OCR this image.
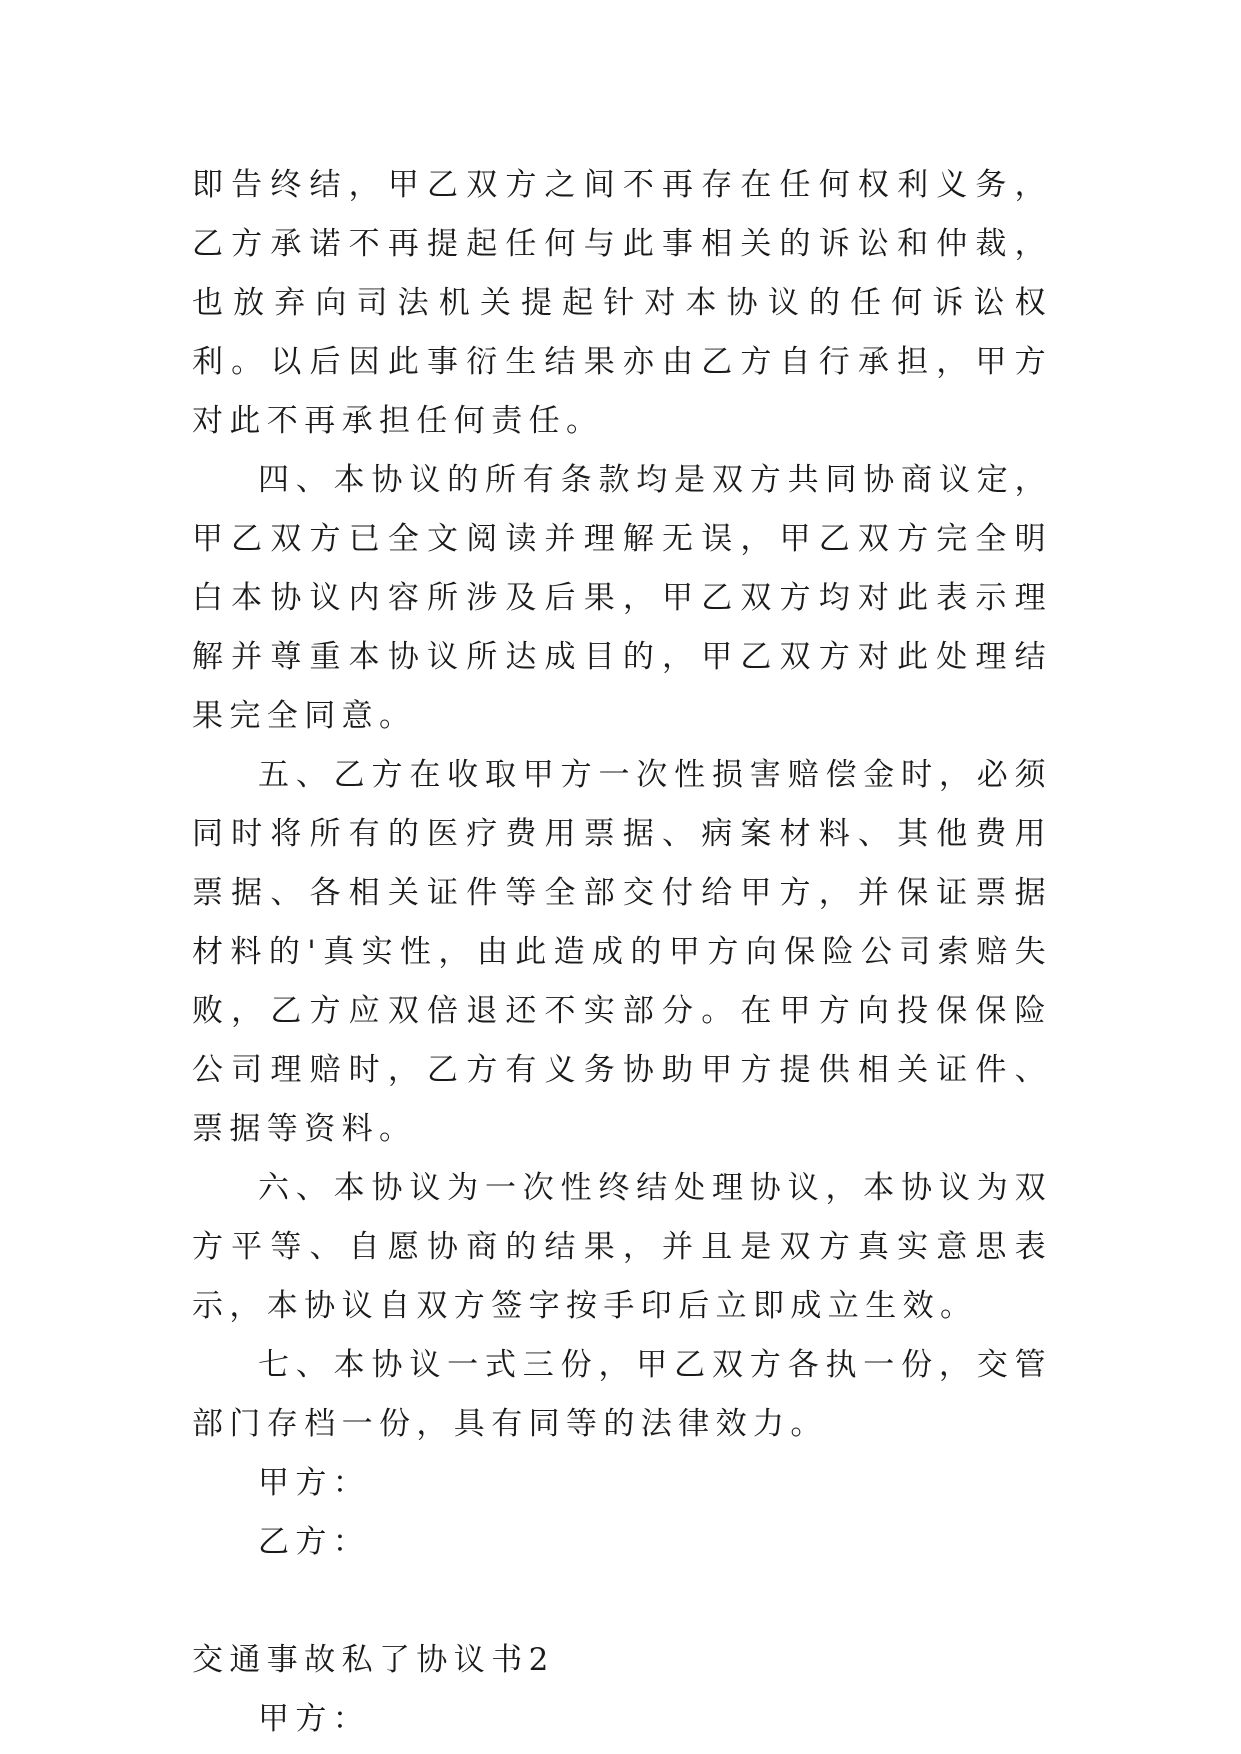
即告终结，甲乙双方之间不再存在任何权利义务，乙方承诺不再提起任何与此事相关的诉讼和仲裁，也放弃向司法机关提起针对本协议的任何诉讼权利。以后因此事衍生结果亦由乙方自行承担，甲方对此不再承担任何责任。

四、本协议的所有条款均是双方共同协商议定，甲乙双方已全文阅读并理解无误，甲乙双方完全明白本协议内容所涉及后果，甲乙双方均对此表示理解并尊重本协议所达成目的，甲乙双方对此处理结果完全同意。

五、乙方在收取甲方一次性损害赔偿金时，必须同时将所有的医疗费用票据、病案材料、其他费用票据、各相关证件等全部交付给甲方，并保证票据材料的'真实性，由此造成的甲方向保险公司索赔失败，乙方应双倍退还不实部分。在甲方向投保保险公司理赔时，乙方有义务协助甲方提供相关证件、票据等资料。

六、本协议为一次性终结处理协议，本协议为双方平等、自愿协商的结果，并且是双方真实意思表示，本协议自双方签字按手印后立即成立生效。

七、本协议一式三份，甲乙双方各执一份，交管部门存档一份，具有同等的法律效力。

甲方：

乙方：

交通事故私了协议书2

甲方：
